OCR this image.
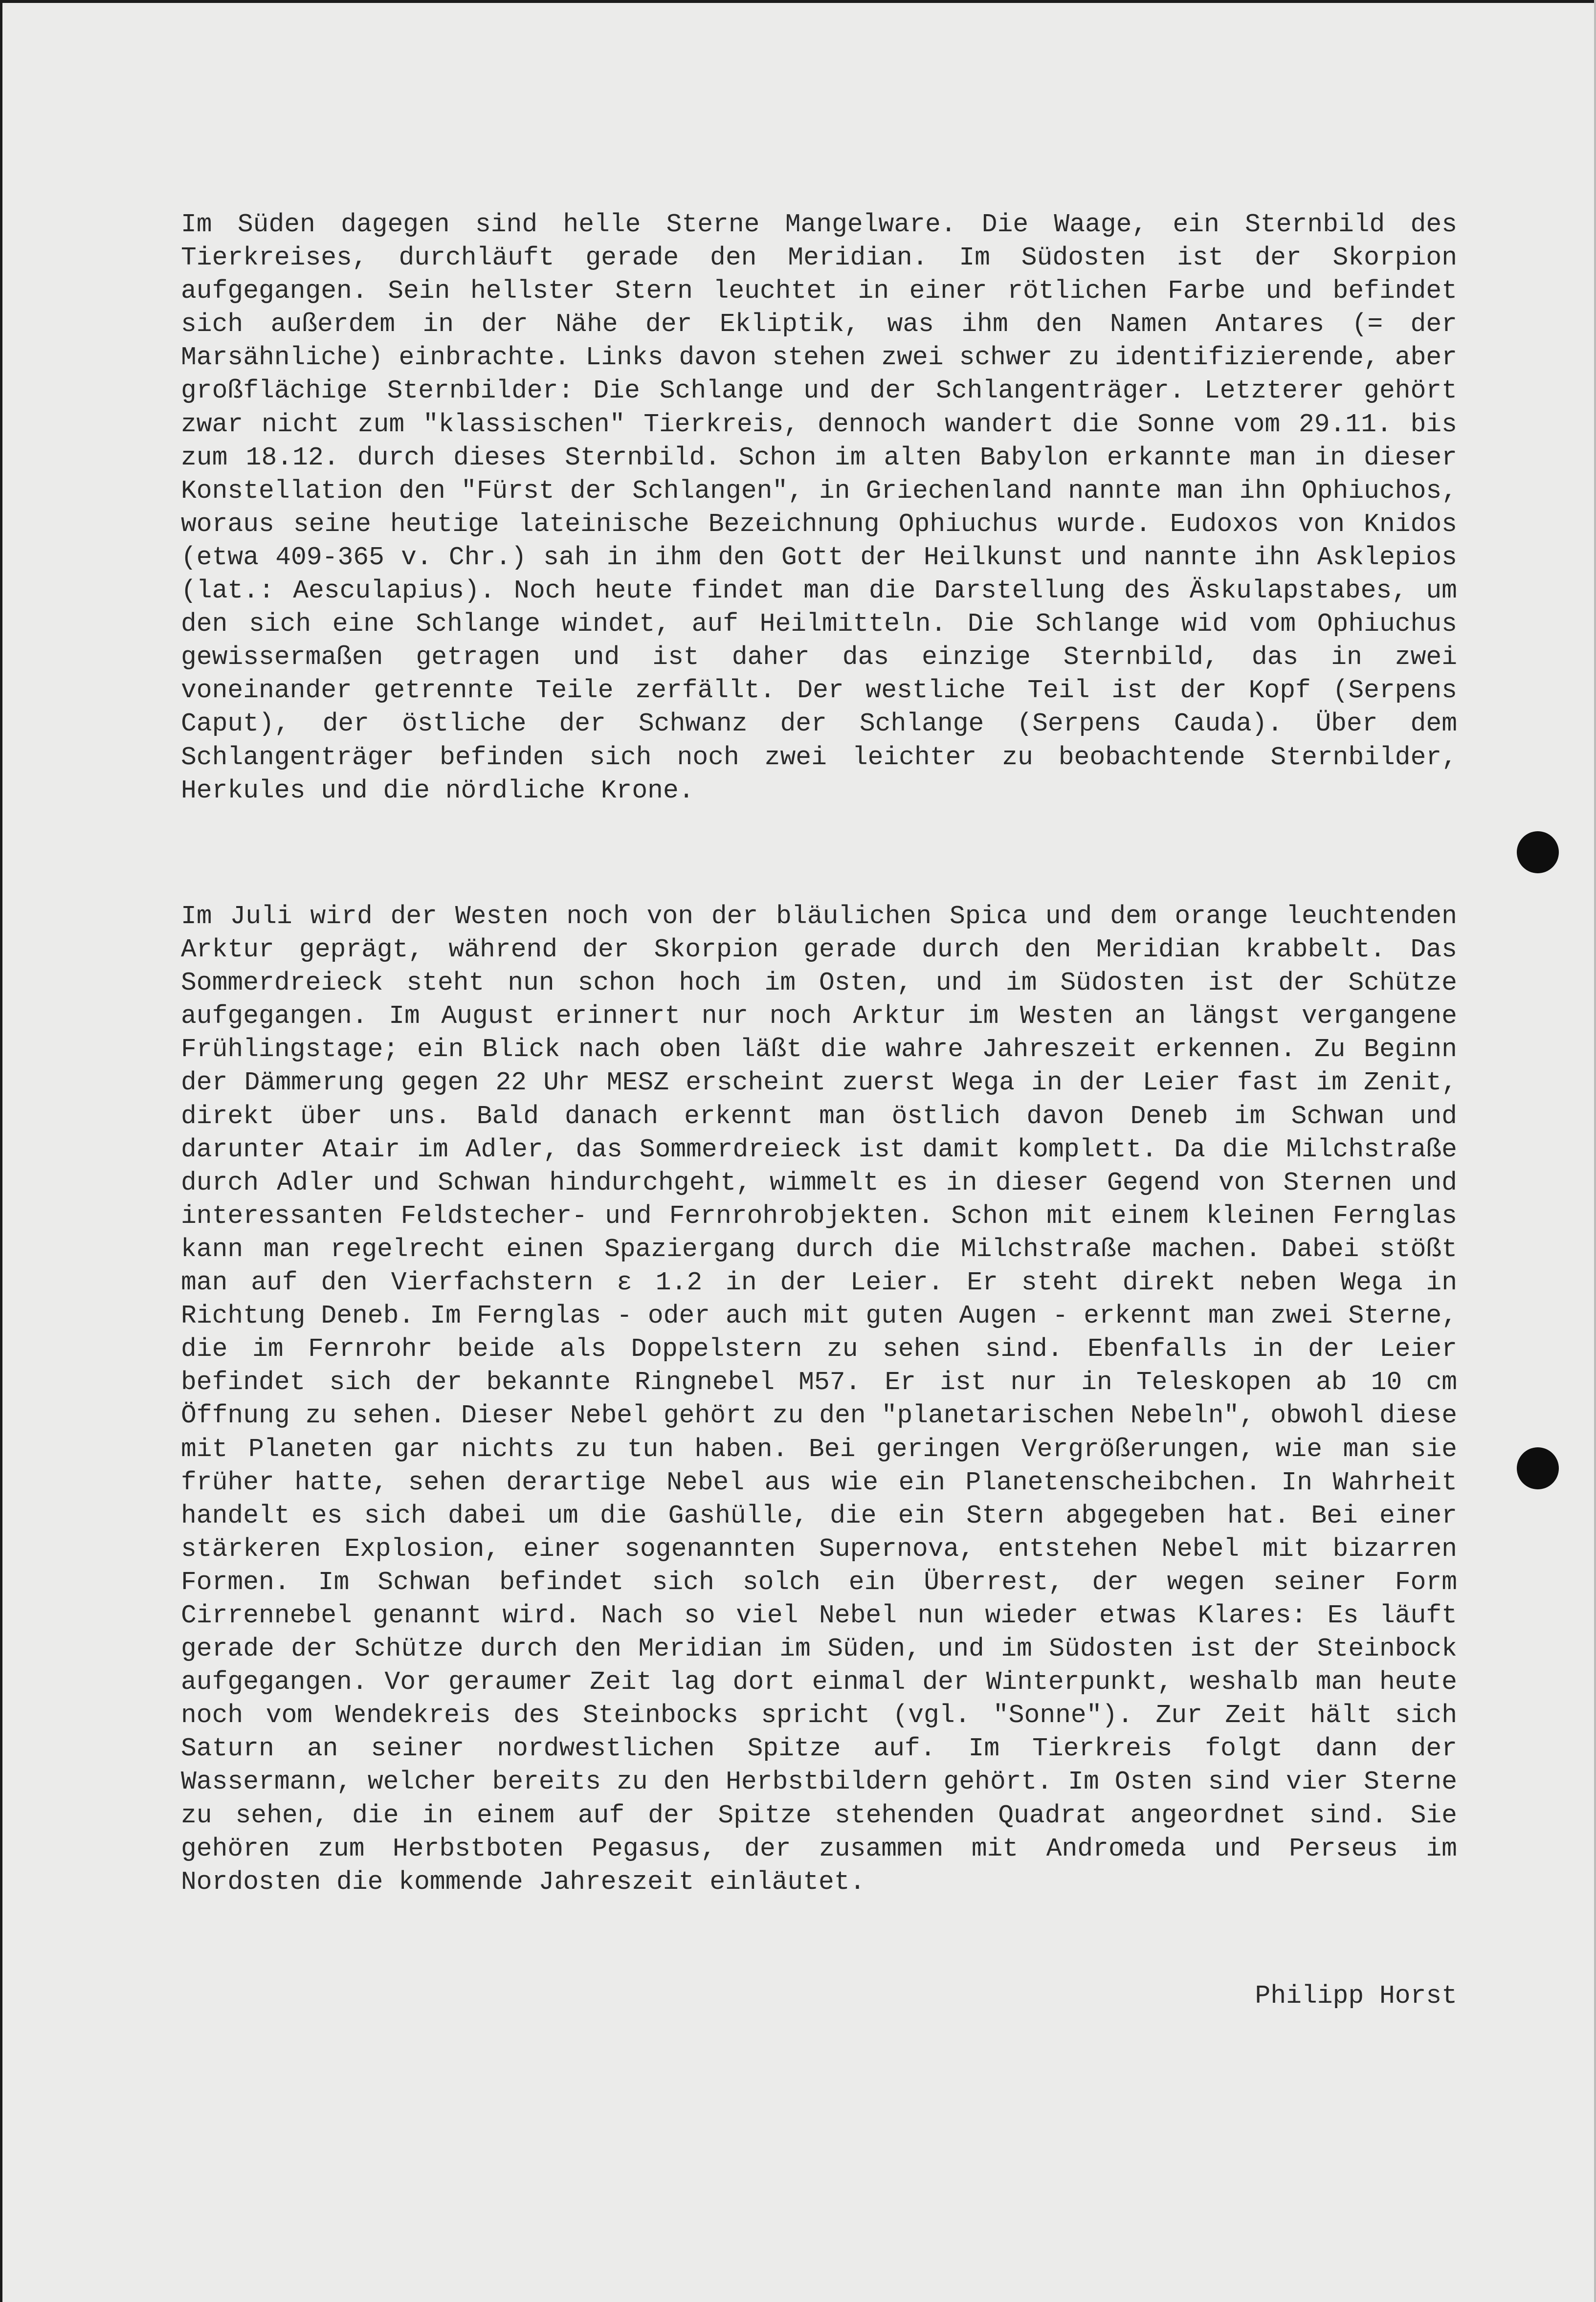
Im Süden dagegen sind helle Sterne Mangelware. Die Waage, ein Sternbild des Tierkreises, durchläuft gerade den Meridian. Im Südosten ist der Skorpion aufgegangen. Sein hellster Stern leuchtet in einer rötlichen Farbe und befindet sich außerdem in der Nähe der Ekliptik, was ihm den Namen Antares (= der Marsähnliche) einbrachte. Links davon stehen zwei schwer zu identifizierende, aber großflächige Sternbilder: Die Schlange und der Schlangenträger. Letzterer gehört zwar nicht zum "klassischen" Tierkreis, dennoch wandert die Sonne vom 29.11. bis zum 18.12. durch dieses Sternbild. Schon im alten Babylon erkannte man in dieser Konstellation den "Fürst der Schlangen", in Griechenland nannte man ihn Ophiuchos, woraus seine heutige lateinische Bezeichnung Ophiuchus wurde. Eudoxos von Knidos (etwa 409-365 v. Chr.) sah in ihm den Gott der Heilkunst und nannte ihn Asklepios (lat.: Aesculapius). Noch heute findet man die Darstellung des Äskulapstabes, um den sich eine Schlange windet, auf Heilmitteln. Die Schlange wid vom Ophiuchus gewissermaßen getragen und ist daher das einzige Sternbild, das in zwei voneinander getrennte Teile zerfällt. Der westliche Teil ist der Kopf (Serpens Caput), der östliche der Schwanz der Schlange (Serpens Cauda). Über dem Schlangenträger befinden sich noch zwei leichter zu beobachtende Sternbilder, Herkules und die nördliche Krone.

Im Juli wird der Westen noch von der bläulichen Spica und dem orange leuchtenden Arktur geprägt, während der Skorpion gerade durch den Meridian krabbelt. Das Sommerdreieck steht nun schon hoch im Osten, und im Südosten ist der Schütze aufgegangen. Im August erinnert nur noch Arktur im Westen an längst vergangene Frühlingstage; ein Blick nach oben läßt die wahre Jahreszeit erkennen. Zu Beginn der Dämmerung gegen 22 Uhr MESZ erscheint zuerst Wega in der Leier fast im Zenit, direkt über uns. Bald danach erkennt man östlich davon Deneb im Schwan und darunter Atair im Adler, das Sommerdreieck ist damit komplett. Da die Milchstraße durch Adler und Schwan hindurchgeht, wimmelt es in dieser Gegend von Sternen und interessanten Feldstecher- und Fernrohrobjekten. Schon mit einem kleinen Fernglas kann man regelrecht einen Spaziergang durch die Milchstraße machen. Dabei stößt man auf den Vierfachstern ε 1.2 in der Leier. Er steht direkt neben Wega in Richtung Deneb. Im Fernglas - oder auch mit guten Augen - erkennt man zwei Sterne, die im Fernrohr beide als Doppelstern zu sehen sind. Ebenfalls in der Leier befindet sich der bekannte Ringnebel M57. Er ist nur in Teleskopen ab 10 cm Öffnung zu sehen. Dieser Nebel gehört zu den "planetarischen Nebeln", obwohl diese mit Planeten gar nichts zu tun haben. Bei geringen Vergrößerungen, wie man sie früher hatte, sehen derartige Nebel aus wie ein Planetenscheibchen. In Wahrheit handelt es sich dabei um die Gashülle, die ein Stern abgegeben hat. Bei einer stärkeren Explosion, einer sogenannten Supernova, entstehen Nebel mit bizarren Formen. Im Schwan befindet sich solch ein Überrest, der wegen seiner Form Cirrennebel genannt wird. Nach so viel Nebel nun wieder etwas Klares: Es läuft gerade der Schütze durch den Meridian im Süden, und im Südosten ist der Steinbock aufgegangen. Vor geraumer Zeit lag dort einmal der Winterpunkt, weshalb man heute noch vom Wendekreis des Steinbocks spricht (vgl. "Sonne"). Zur Zeit hält sich Saturn an seiner nordwestlichen Spitze auf. Im Tierkreis folgt dann der Wassermann, welcher bereits zu den Herbstbildern gehört. Im Osten sind vier Sterne zu sehen, die in einem auf der Spitze stehenden Quadrat angeordnet sind. Sie gehören zum Herbstboten Pegasus, der zusammen mit Andromeda und Perseus im Nordosten die kommende Jahreszeit einläutet.

Philipp Horst
